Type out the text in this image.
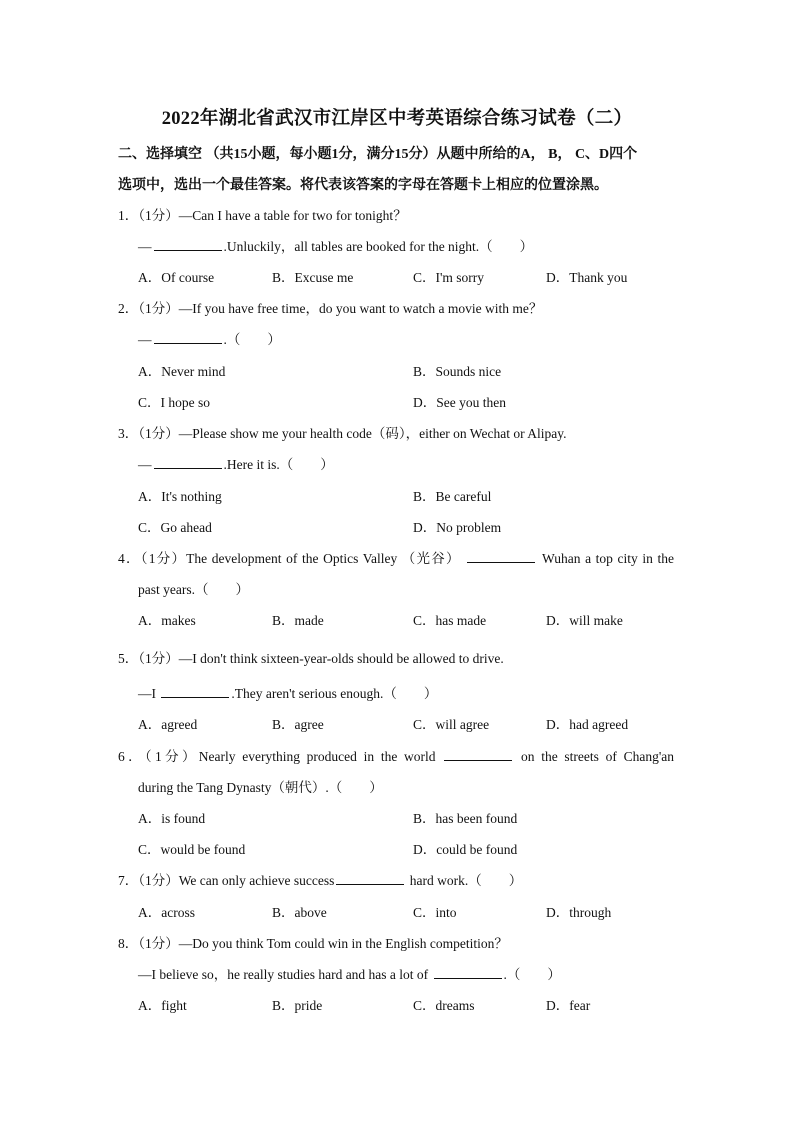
2022年湖北省武汉市江岸区中考英语综合练习试卷（二）
二、选择填空 （共15小题，每小题1分，满分15分）从题中所给的A， B， C、D四个
选项中，选出一个最佳答案。将代表该答案的字母在答题卡上相应的位置涂黑。
1．（1分）—Can I have a table for two for tonight？
—	.Unluckily，all tables are booked for the night.（　　）
A．Of course	B．Excuse me	C．I'm sorry	D．Thank you
2．（1分）—If you have free time，do you want to watch a movie with me？
—	.（　　）
A．Never mind	B．Sounds nice
C．I hope so	D．See you then
3．（1分）—Please show me your health code（码），either on Wechat or Alipay.
—	.Here it is.（　　）
A．It's nothing	B．Be careful
C．Go ahead	D．No problem
4．（1分）The development of the Optics Valley （光谷）	Wuhan a top city in the
past years.（　　）
A．makes	B．made	C．has made	D．will make
5．（1分）—I don't think sixteen-year-olds should be allowed to drive.
—I	.They aren't serious enough.（　　）
A．agreed	B．agree	C．will agree	D．had agreed
6．（1分）Nearly everything produced in the world	on the streets of Chang'an
during the Tang Dynasty（朝代）.（　　）
A．is found	B．has been found
C．would be found	D．could be found
7．（1分）We can only achieve success	hard work.（　　）
A．across	B．above	C．into	D．through
8．（1分）—Do you think Tom could win in the English competition？
—I believe so，he really studies hard and has a lot of	.（　　）
A．fight	B．pride	C．dreams	D．fear
